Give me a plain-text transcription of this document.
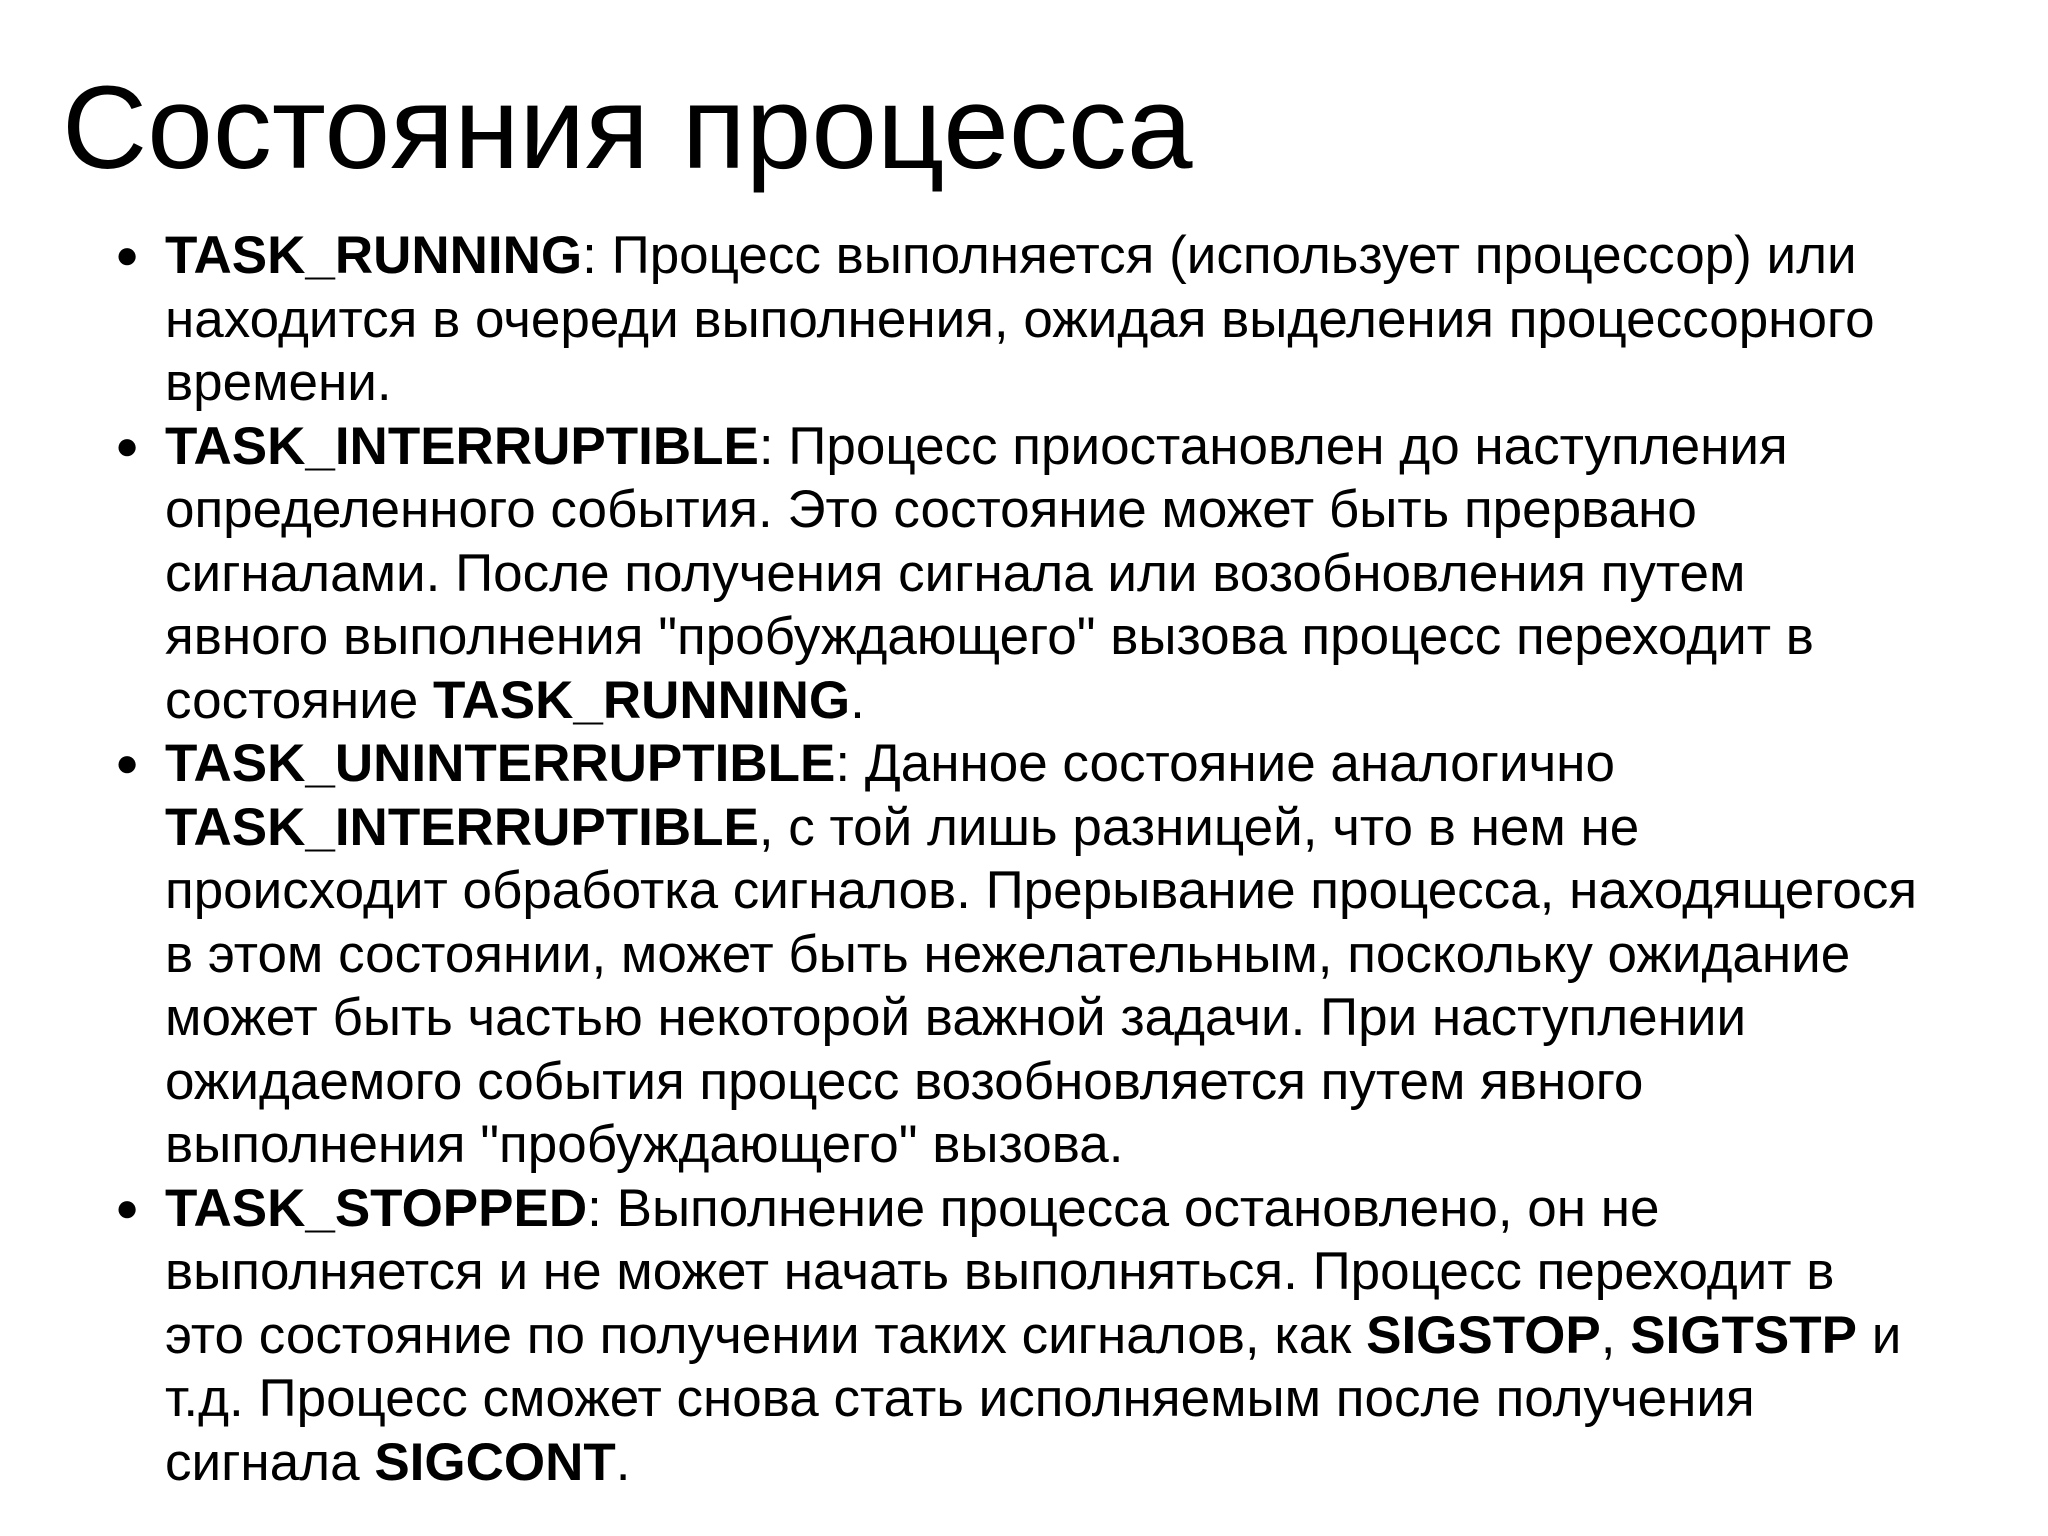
Состояния процесса
● TASK_RUNNING: Процесс выполняется (использует процессор) или
находится в очереди выполнения, ожидая выделения процессорного
времени.
● TASK_INTERRUPTIBLE: Процесс приостановлен до наступления
определенного события. Это состояние может быть прервано
сигналами. После получения сигнала или возобновления путем
явного выполнения "пробуждающего" вызова процесс переходит в
состояние TASK_RUNNING.
● TASK_UNINTERRUPTIBLE: Данное состояние аналогично
TASK_INTERRUPTIBLE, с той лишь разницей, что в нем не
происходит обработка сигналов. Прерывание процесса, находящегося
в этом состоянии, может быть нежелательным, поскольку ожидание
может быть частью некоторой важной задачи. При наступлении
ожидаемого события процесс возобновляется путем явного
выполнения "пробуждающего" вызова.
● TASK_STOPPED: Выполнение процесса остановлено, он не
выполняется и не может начать выполняться. Процесс переходит в
это состояние по получении таких сигналов, как SIGSTOP, SIGTSTP и
т.д. Процесс сможет снова стать исполняемым после получения
сигнала SIGCONT.
